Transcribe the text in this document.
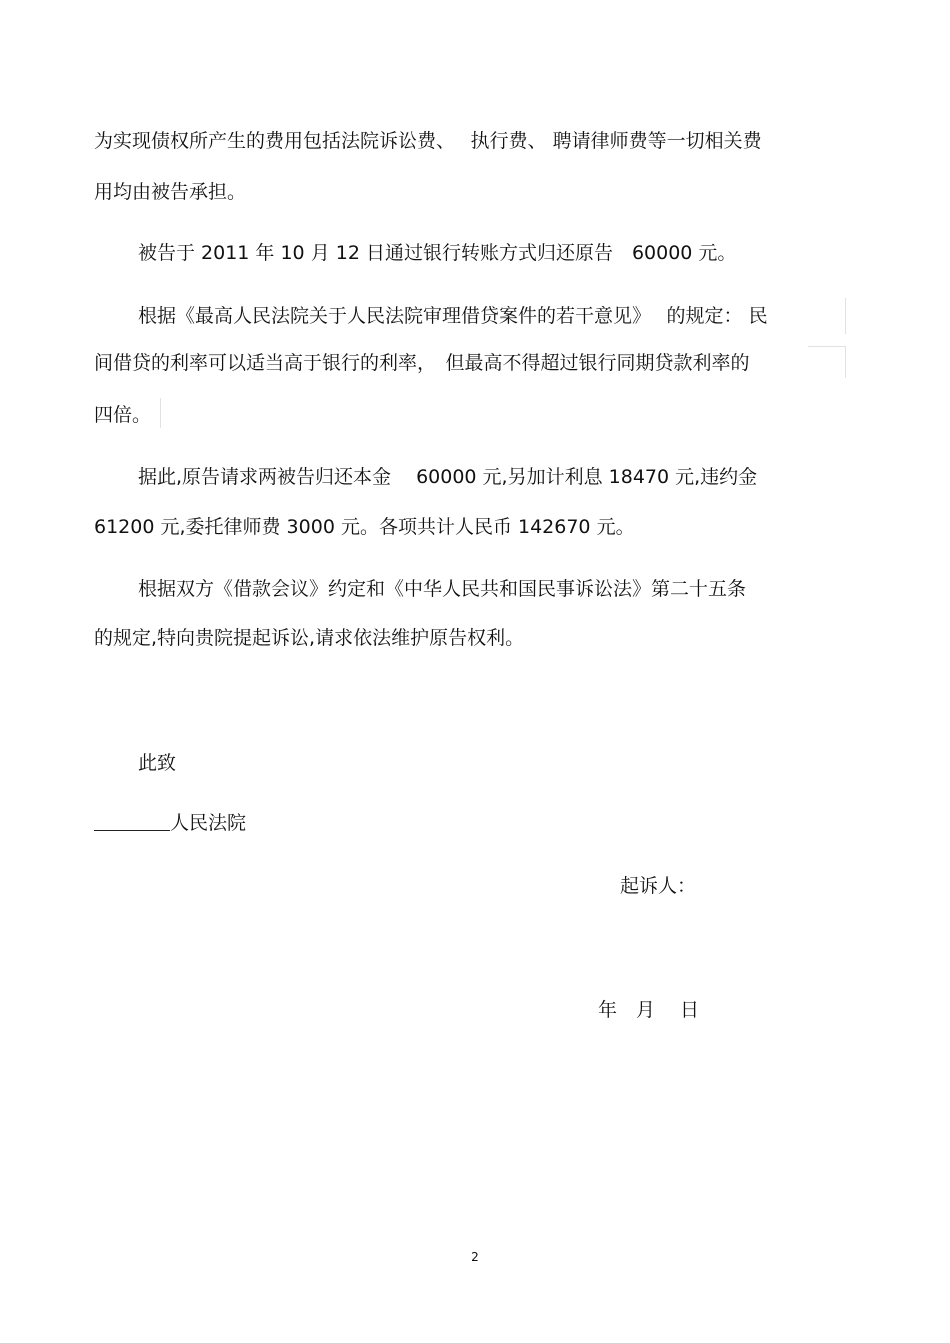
为实现债权所产生的费用包括法院诉讼费、　 执行费、 聘请律师费等一切相关费

用均由被告承担。

被告于 2011 年 10 月 12 日通过银行转账方式归还原告　60000 元。

根据《最高人民法院关于人民法院审理借贷案件的若干意见》　 的规定： 民

间借贷的利率可以适当高于银行的利率，　但最高不得超过银行同期贷款利率的

四倍。

据此,原告请求两被告归还本金　 60000 元,另加计利息 18470 元,违约金

61200 元,委托律师费 3000 元。各项共计人民币 142670 元。

根据双方《借款会议》约定和《中华人民共和国民事诉讼法》第二十五条

的规定,特向贵院提起诉讼,请求依法维护原告权利。

此致

人民法院

起诉人：

年　月　 日

2
